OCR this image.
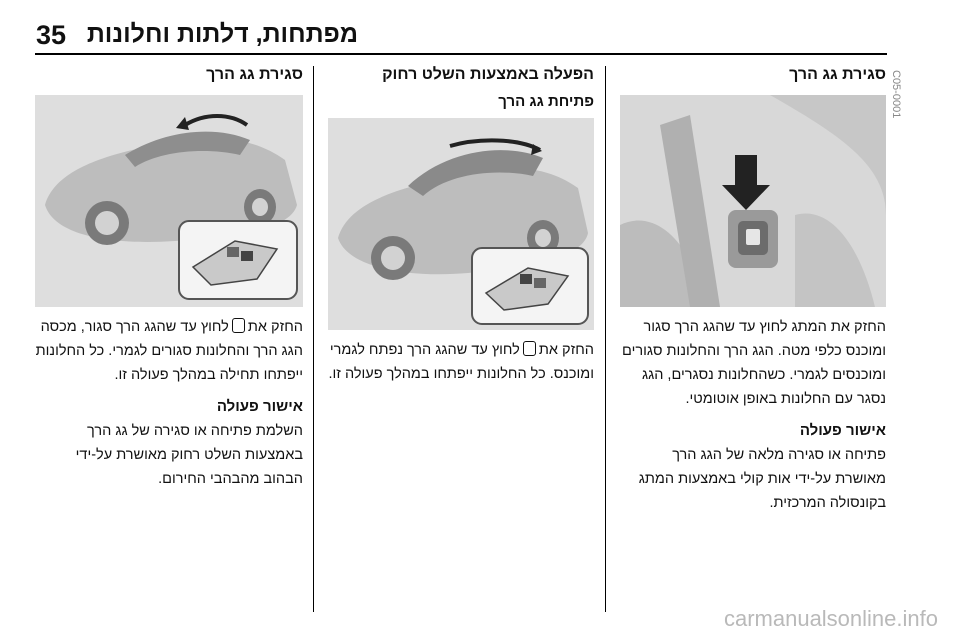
35 מפתחות, דלתות וחלונות
סגירת גג הרך

החזק את המתג לחוץ עד שהגג הרך סגור ומוכנס כלפי מטה. הגג הרך והחלונות סגורים ומוכנסים לגמרי. כשהחלונות נסגרים, הגג נסגר עם החלונות באופן אוטומטי.

אישור פעולה

פתיחה או סגירה מלאה של הגג הרך מאושרת על-ידי אות קולי באמצעות המתג בקונסולה המרכזית.

הפעלה באמצעות השלט רחוק
פתיחת גג הרך

החזק אתלחוץ עד שהגג הרך נפתח לגמרי ומוכנס. כל החלונות ייפתחו במהלך פעולה זו.

סגירת גג הרך

החזק אתלחוץ עד שהגג הרך סגור, מכסה הגג הרך והחלונות סגורים לגמרי. כל החלונות ייפתחו תחילה במהלך פעולה זו.

אישור פעולה

השלמת פתיחה או סגירה של גג הרך באמצעות השלט רחוק מאושרת על-ידי הבהוב מהבהבי החירום.

C05-0001
carmanualsonline.info
